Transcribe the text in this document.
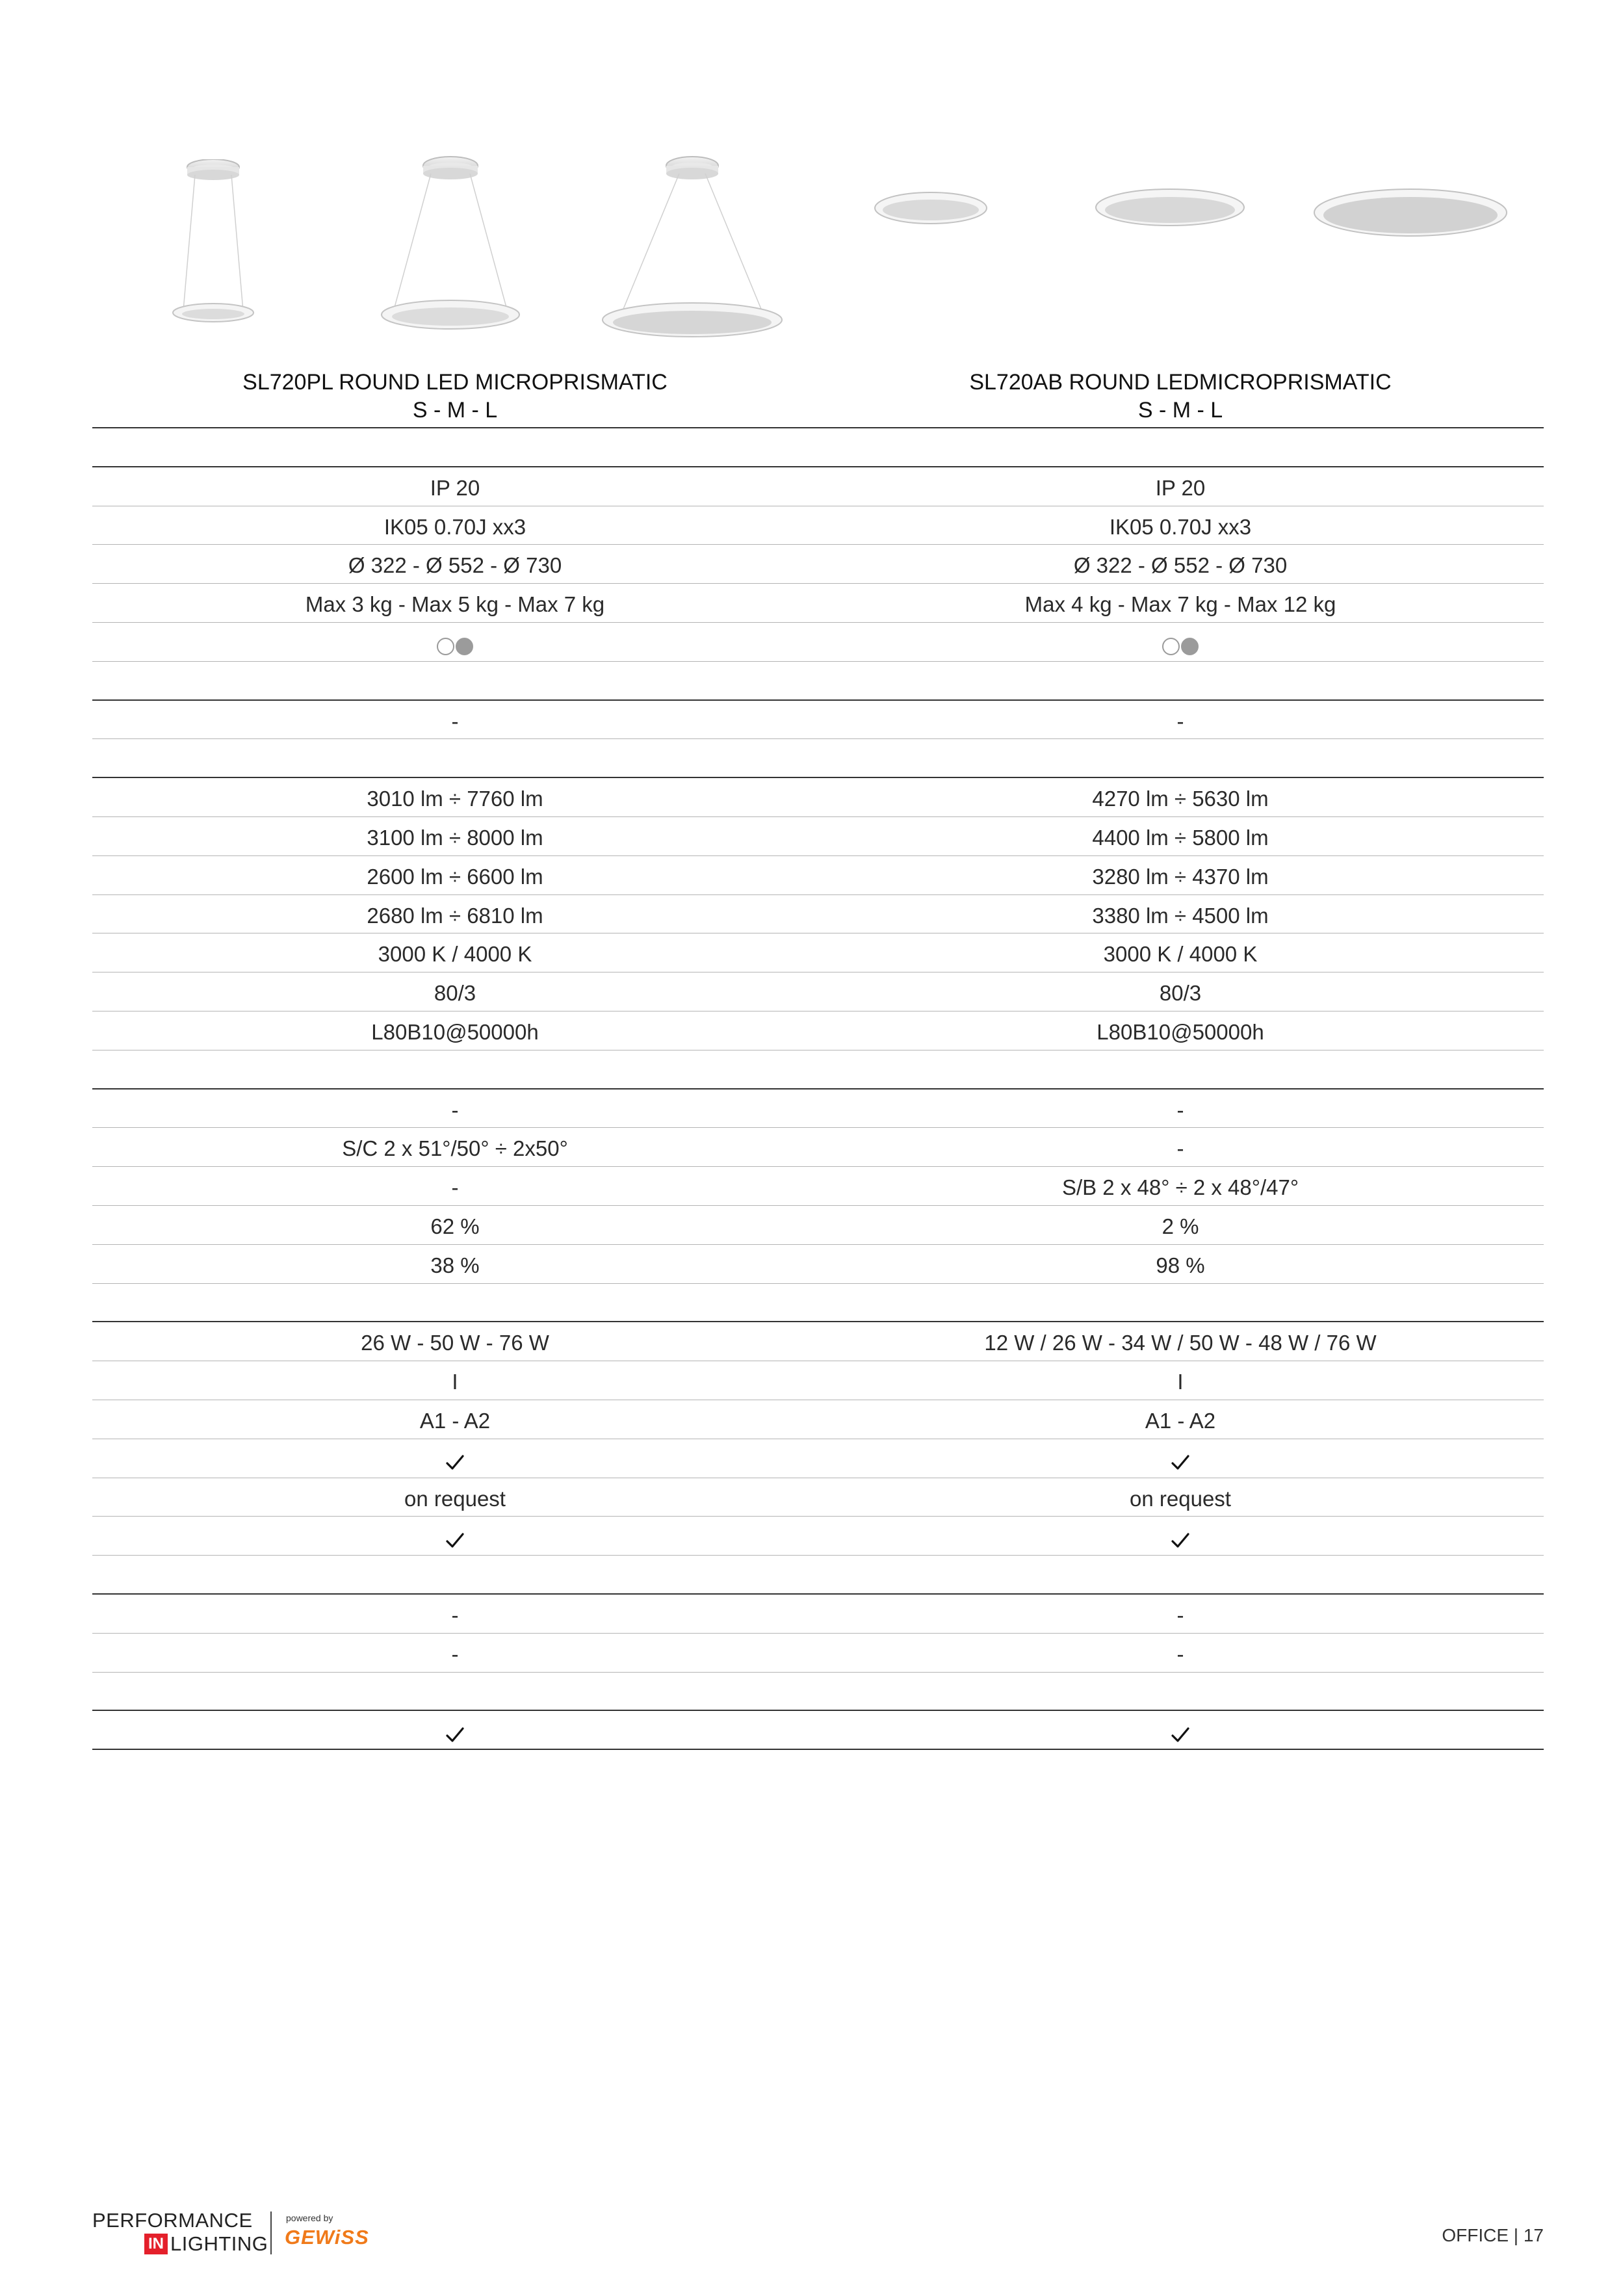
SL720PL ROUND LED MICROPRISMATIC
S - M - L
SL720AB ROUND LEDMICROPRISMATIC
S - M - L
IP 20	IP 20
IK05 0.70J xx3	IK05 0.70J xx3
Ø 322 - Ø 552 - Ø 730	Ø 322 - Ø 552 - Ø 730
Max 3 kg - Max 5 kg - Max 7 kg	Max 4 kg - Max 7 kg - Max 12 kg
-	-
3010 lm ÷ 7760 lm	4270 lm ÷ 5630 lm
3100 lm ÷ 8000 lm	4400 lm ÷ 5800 lm
2600 lm ÷ 6600 lm	3280 lm ÷ 4370 lm
2680 lm ÷ 6810 lm	3380 lm ÷ 4500 lm
3000 K / 4000 K	3000 K / 4000 K
80/3	80/3
L80B10@50000h	L80B10@50000h
-	-
S/C 2 x 51°/50° ÷ 2x50°	-
-	S/B 2 x 48° ÷ 2 x 48°/47°
62 %	2 %
38 %	98 %
26 W - 50 W - 76 W	12 W / 26 W - 34 W / 50 W - 48 W / 76 W
I	I
A1 - A2	A1 - A2
on request	on request
-	-
-	-
PERFORMANCE
IN LIGHTING
powered by
GEWiSS	OFFICE | 17
